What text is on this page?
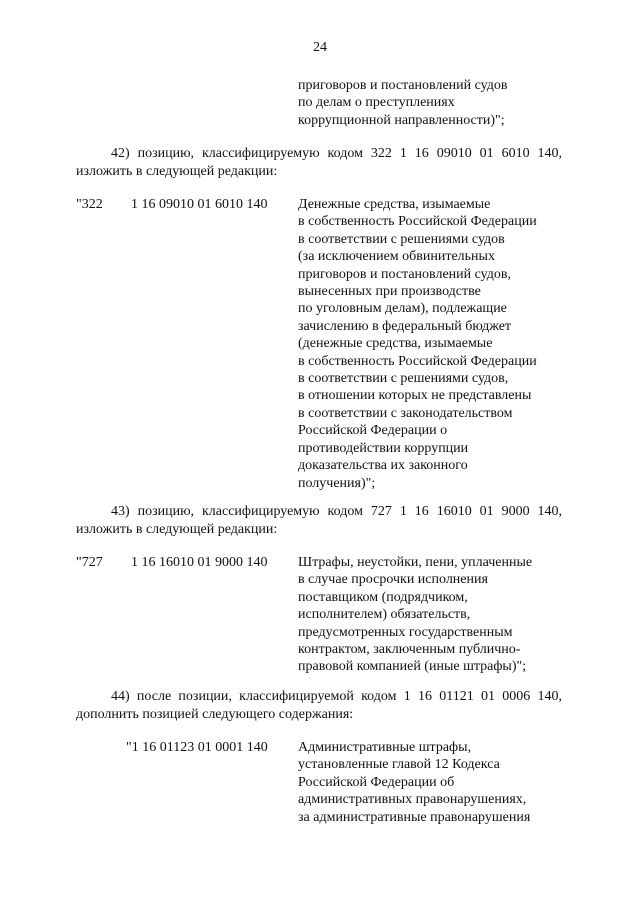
24
приговоров и постановлений судов
по делам о преступлениях
коррупционной направленности)";
42) позицию, классифицируемую кодом 322 1 16 09010 01 6010 140,
изложить в следующей редакции:
"322 1 16 09010 01 6010 140 Денежные средства, изымаемые
в собственность Российской Федерации
в соответствии с решениями судов
(за исключением обвинительных
приговоров и постановлений судов,
вынесенных при производстве
по уголовным делам), подлежащие
зачислению в федеральный бюджет
(денежные средства, изымаемые
в собственность Российской Федерации
в соответствии с решениями судов,
в отношении которых не представлены
в соответствии с законодательством
Российской Федерации о
противодействии коррупции
доказательства их законного
получения)";
43) позицию, классифицируемую кодом 727 1 16 16010 01 9000 140,
изложить в следующей редакции:
"727 1 16 16010 01 9000 140 Штрафы, неустойки, пени, уплаченные
в случае просрочки исполнения
поставщиком (подрядчиком,
исполнителем) обязательств,
предусмотренных государственным
контрактом, заключенным публично-
правовой компанией (иные штрафы)";
44) после позиции, классифицируемой кодом 1 16 01121 01 0006 140,
дополнить позицией следующего содержания:
"1 16 01123 01 0001 140 Административные штрафы,
установленные главой 12 Кодекса
Российской Федерации об
административных правонарушениях,
за административные правонарушения
